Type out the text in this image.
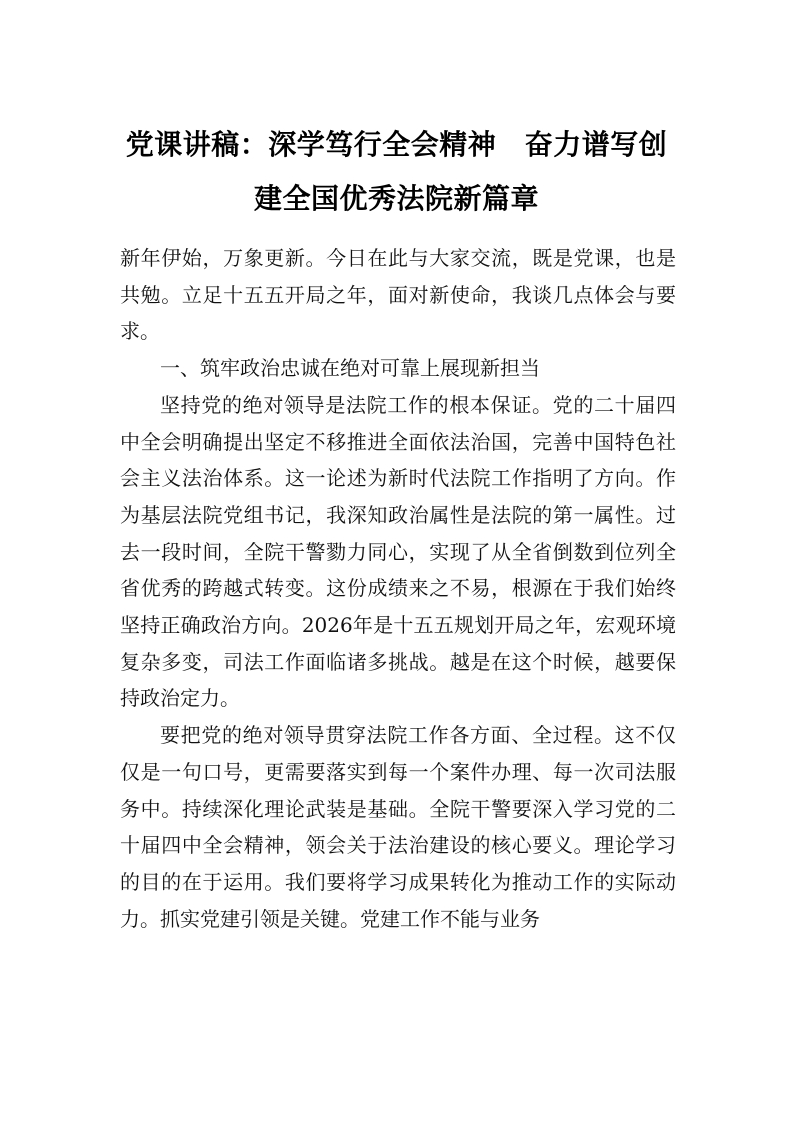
党课讲稿：深学笃行全会精神　奋力谱写创
建全国优秀法院新篇章

新年伊始，万象更新。今日在此与大家交流，既是党课，也是共勉。立足十五五开局之年，面对新使命，我谈几点体会与要求。

一、筑牢政治忠诚在绝对可靠上展现新担当

坚持党的绝对领导是法院工作的根本保证。党的二十届四中全会明确提出坚定不移推进全面依法治国，完善中国特色社会主义法治体系。这一论述为新时代法院工作指明了方向。作为基层法院党组书记，我深知政治属性是法院的第一属性。过去一段时间，全院干警勠力同心，实现了从全省倒数到位列全省优秀的跨越式转变。这份成绩来之不易，根源在于我们始终坚持正确政治方向。2026年是十五五规划开局之年，宏观环境复杂多变，司法工作面临诸多挑战。越是在这个时候，越要保持政治定力。

要把党的绝对领导贯穿法院工作各方面、全过程。这不仅仅是一句口号，更需要落实到每一个案件办理、每一次司法服务中。持续深化理论武装是基础。全院干警要深入学习党的二十届四中全会精神，领会关于法治建设的核心要义。理论学习的目的在于运用。我们要将学习成果转化为推动工作的实际动力。抓实党建引领是关键。党建工作不能与业务
